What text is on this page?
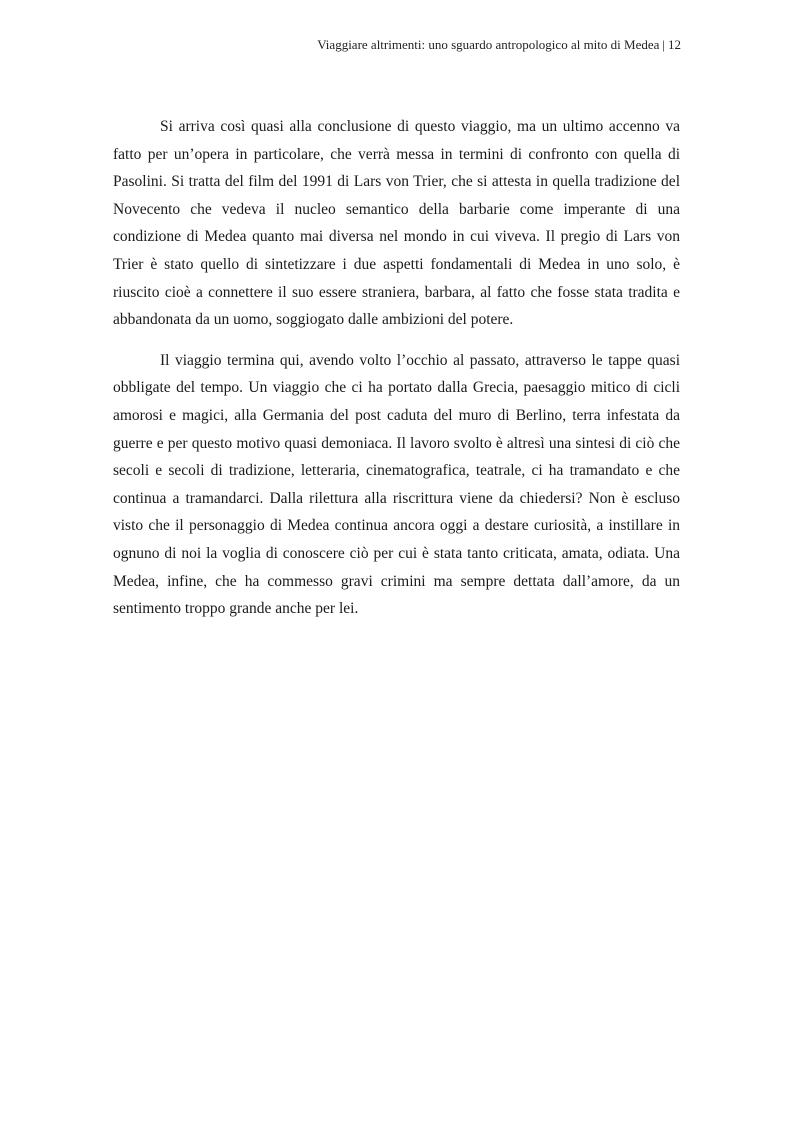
Viaggiare altrimenti: uno sguardo antropologico al mito di Medea | 12

Si arriva così quasi alla conclusione di questo viaggio, ma un ultimo accenno va fatto per un’opera in particolare, che verrà messa in termini di confronto con quella di Pasolini. Si tratta del film del 1991 di Lars von Trier, che si attesta in quella tradizione del Novecento che vedeva il nucleo semantico della barbarie come imperante di una condizione di Medea quanto mai diversa nel mondo in cui viveva. Il pregio di Lars von Trier è stato quello di sintetizzare i due aspetti fondamentali di Medea in uno solo, è riuscito cioè a connettere il suo essere straniera, barbara, al fatto che fosse stata tradita e abbandonata da un uomo, soggiogato dalle ambizioni del potere.

Il viaggio termina qui, avendo volto l’occhio al passato, attraverso le tappe quasi obbligate del tempo. Un viaggio che ci ha portato dalla Grecia, paesaggio mitico di cicli amorosi e magici, alla Germania del post caduta del muro di Berlino, terra infestata da guerre e per questo motivo quasi demoniaca. Il lavoro svolto è altresì una sintesi di ciò che secoli e secoli di tradizione, letteraria, cinematografica, teatrale, ci ha tramandato e che continua a tramandarci. Dalla rilettura alla riscrittura viene da chiedersi? Non è escluso visto che il personaggio di Medea continua ancora oggi a destare curiosità, a instillare in ognuno di noi la voglia di conoscere ciò per cui è stata tanto criticata, amata, odiata. Una Medea, infine, che ha commesso gravi crimini ma sempre dettata dall’amore, da un sentimento troppo grande anche per lei.
